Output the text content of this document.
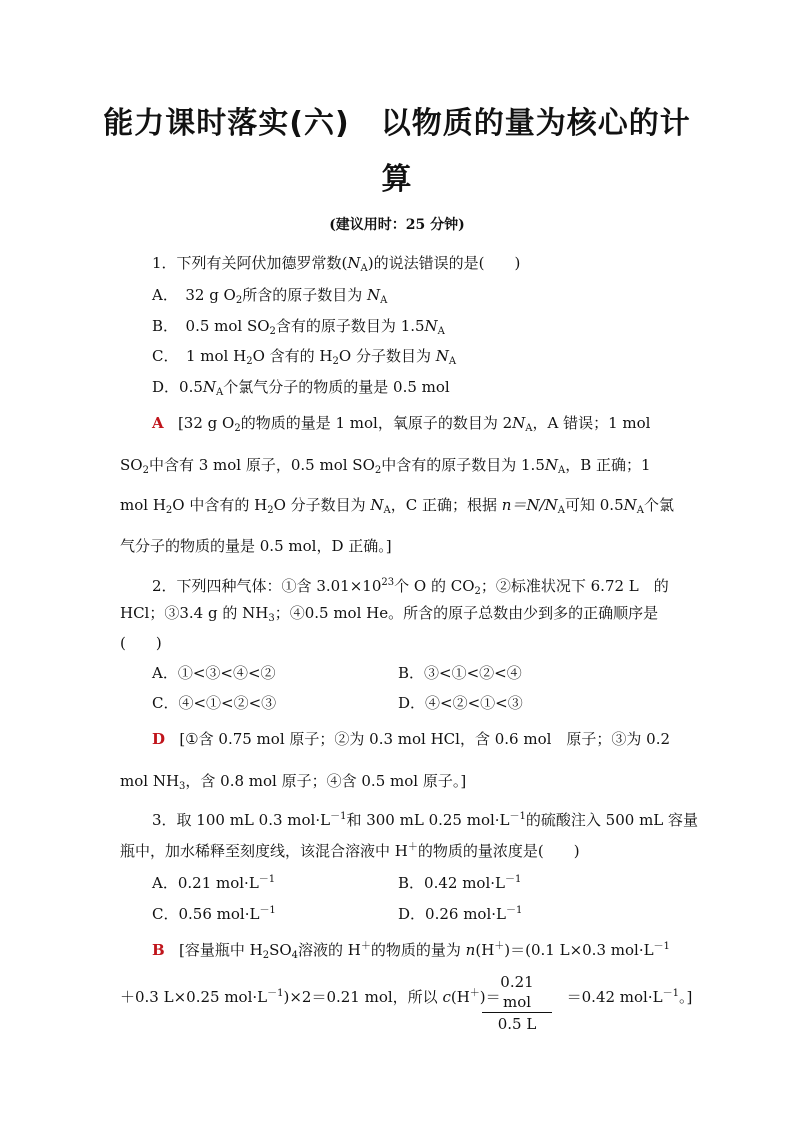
能力课时落实(六)　以物质的量为核心的计
算
(建议用时：25 分钟)
1．下列有关阿伏加德罗常数$(N_A)$的说法错误的是(　　)
A．　32 g $O_2$所含的原子数目为 $N_A$
B．　0.5 mol $SO_2$含有的原子数目为 $1.5N_A$
C．　1 mol $H_2O$ 含有的 $H_2O$ 分子数目为 $N_A$
D．$0.5N_A$个氯气分子的物质的量是 0.5 mol
A [32 g $O_2$的物质的量是 1 mol，氧原子的数目为 $2N_A$，A 错误；1 mol
$SO_2$中含有 3 mol 原子，0.5 mol $SO_2$中含有的原子数目为 $1.5N_A$，B 正确；1
mol $H_2O$ 中含有的 $H_2O$ 分子数目为 $N_A$，C 正确；根据 $n=N/N_A$可知 $0.5N_A$个氯
气分子的物质的量是 0.5 mol，D 正确。]
2．下列四种气体：①含 $3.01\times 10^{23}$个 O 的 $CO_2$；②标准状况下 6.72 L　的
HCl；③3.4 g 的 $NH_3$；④0.5 mol He。所含的原子总数由少到多的正确顺序是
(　　)
A．①<③<④<②	B．③<①<②<④
C．④<①<②<③	D．④<②<①<③
D [①含 0.75 mol 原子；②为 0.3 mol HCl，含 0.6 mol　原子；③为 0.2
mol $NH_3$，含 0.8 mol 原子；④含 0.5 mol 原子。]
3．取 100 mL 0.3 $mol\cdot L^{-1}$和 300 mL 0.25 $mol\cdot L^{-1}$的硫酸注入 500 mL 容量
瓶中，加水稀释至刻度线，该混合溶液中 H＋的物质的量浓度是(　　)
A．0.21 $mol\cdot L^{-1}$	B．0.42 $mol\cdot L^{-1}$
C．0.56 $mol\cdot L^{-1}$	D．0.26 $mol\cdot L^{-1}$
B [容量瓶中 $H_2SO_4$溶液的 H＋的物质的量为 n(H＋)＝(0.1 L×0.3 $mol\cdot L^{-1}$
＋0.3 L×0.25 $mol\cdot L^{-1})\times 2=0.21$ mol，所以 c(H＋)＝	＝0.42 $mol\cdot L^{-1}$。]
0.21 mol
0.5 L
